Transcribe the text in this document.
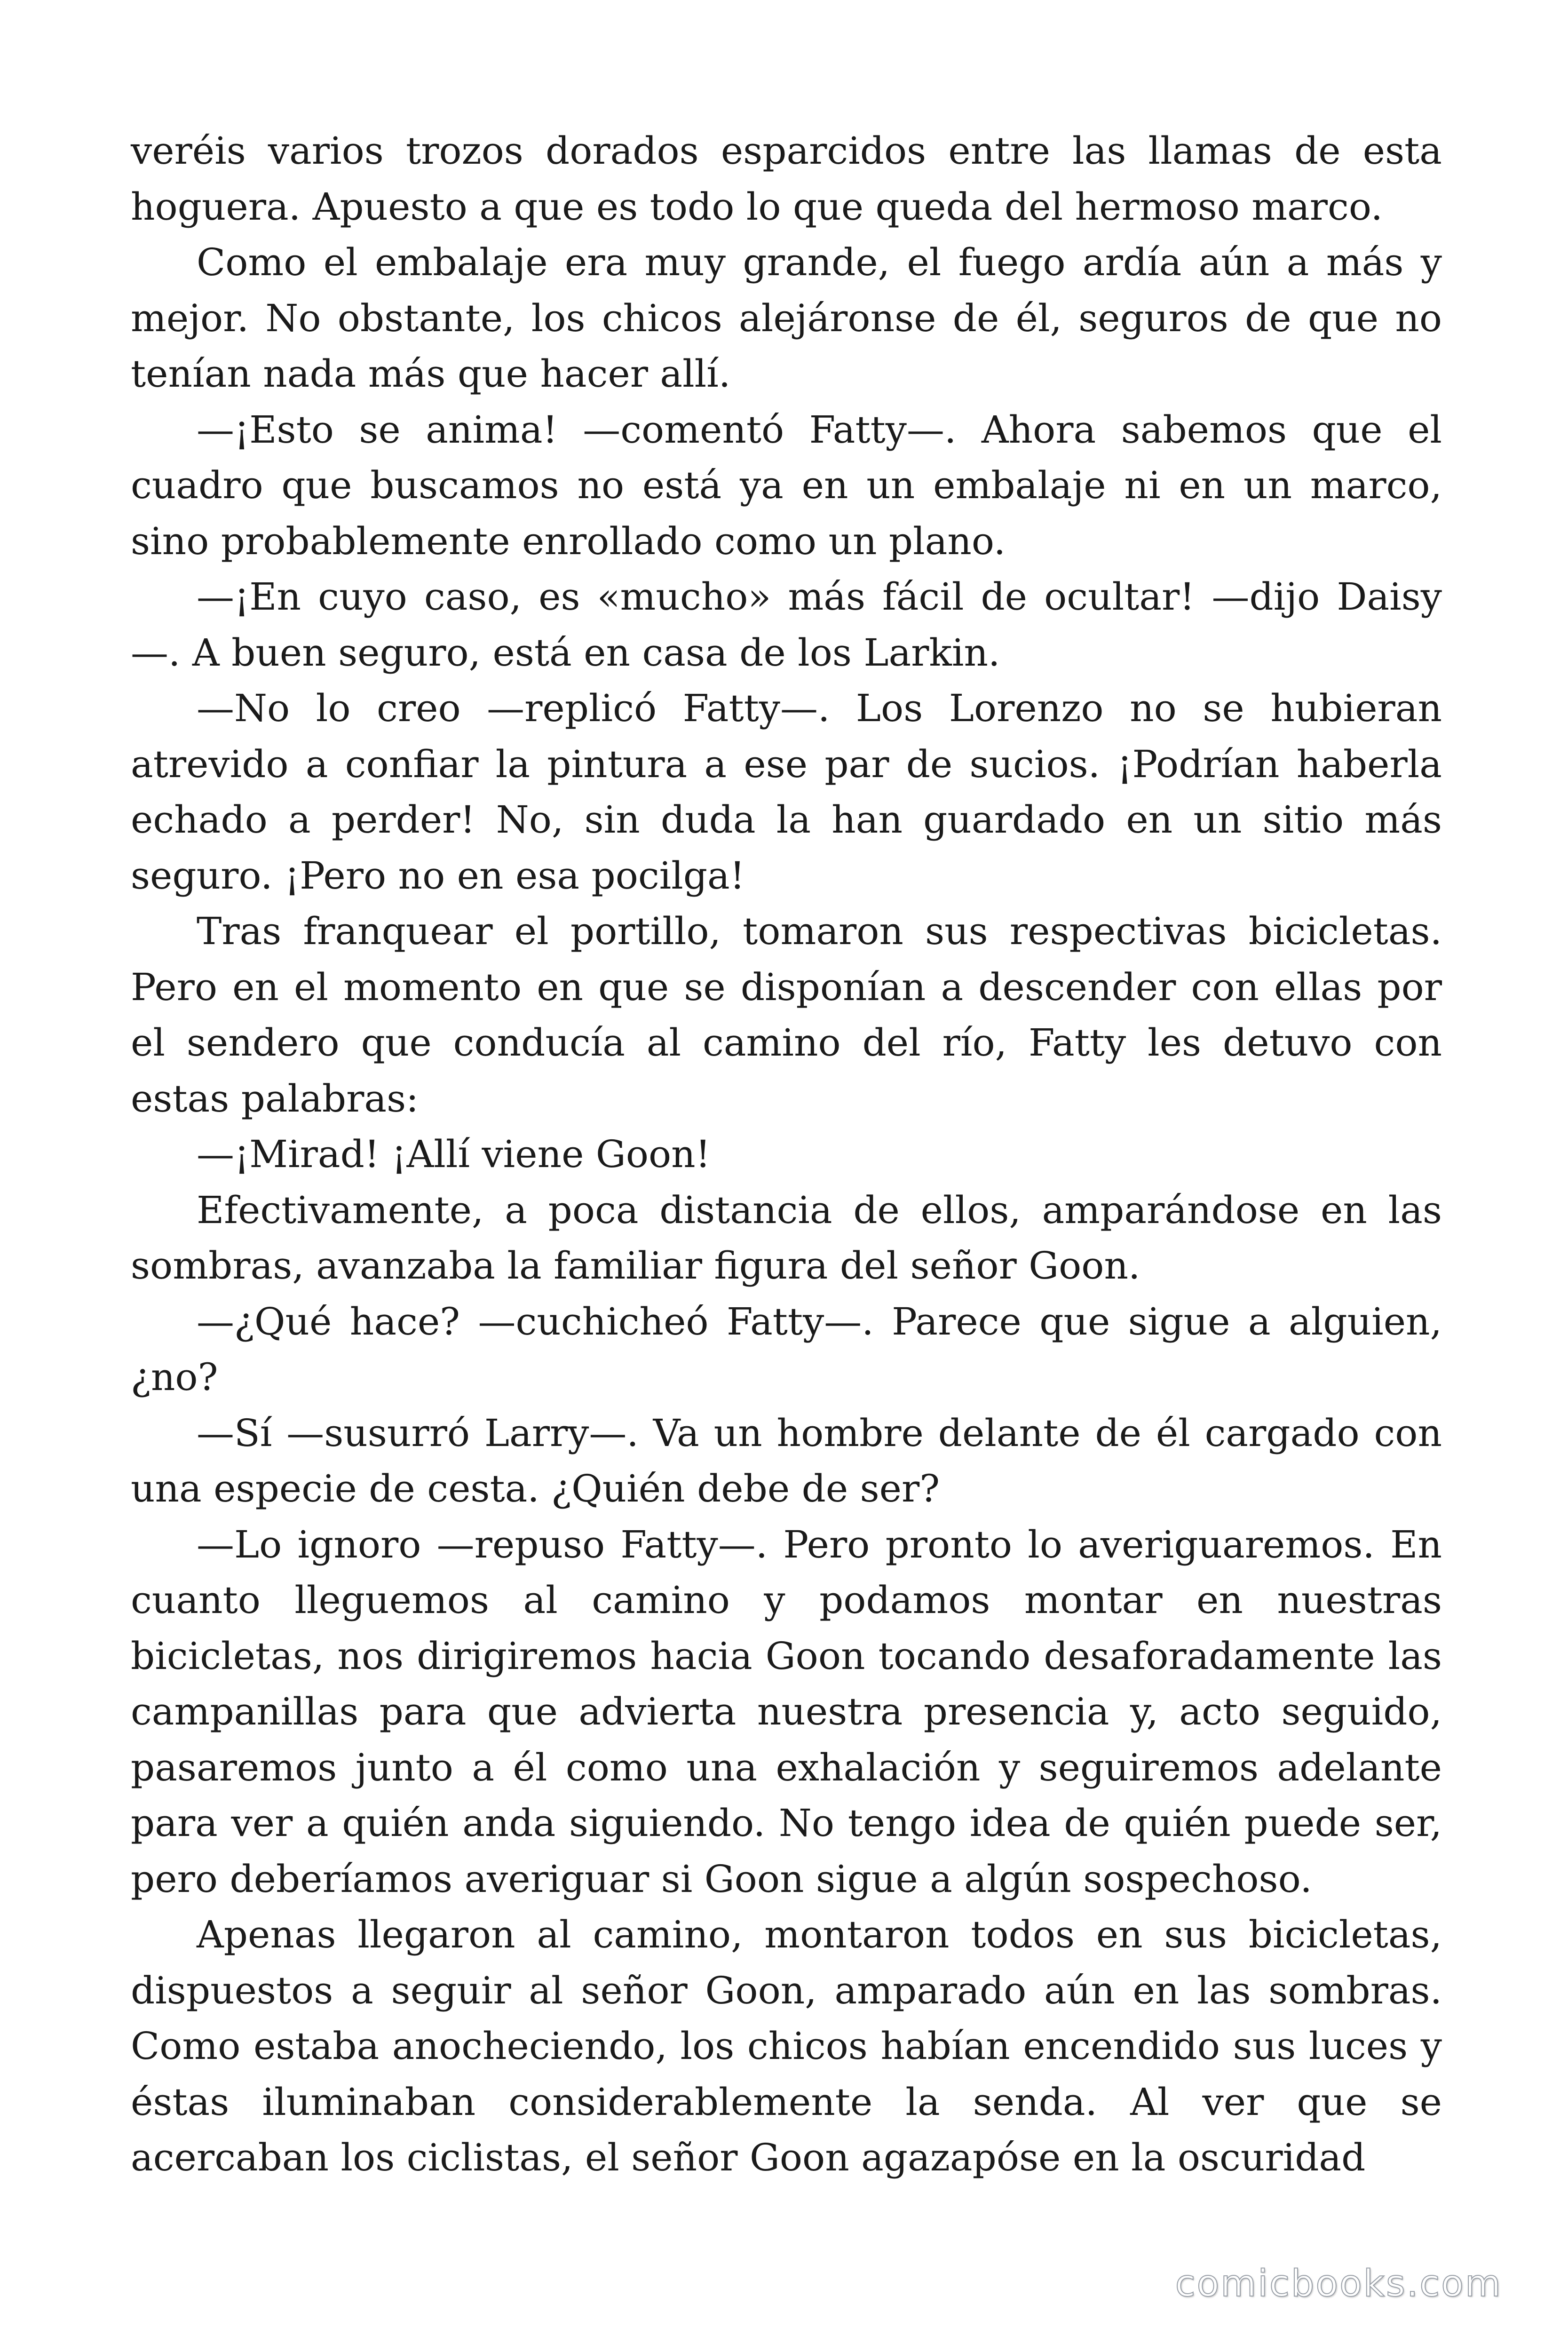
veréis varios trozos dorados esparcidos entre las llamas de esta hoguera. Apuesto a que es todo lo que queda del hermoso marco.

Como el embalaje era muy grande, el fuego ardía aún a más y mejor. No obstante, los chicos alejáronse de él, seguros de que no tenían nada más que hacer allí.

—¡Esto se anima! —comentó Fatty—. Ahora sabemos que el cuadro que buscamos no está ya en un embalaje ni en un marco, sino probablemente enrollado como un plano.

—¡En cuyo caso, es «mucho» más fácil de ocultar! —dijo Daisy —. A buen seguro, está en casa de los Larkin.

—No lo creo —replicó Fatty—. Los Lorenzo no se hubieran atrevido a confiar la pintura a ese par de sucios. ¡Podrían haberla echado a perder! No, sin duda la han guardado en un sitio más seguro. ¡Pero no en esa pocilga!

Tras franquear el portillo, tomaron sus respectivas bicicletas. Pero en el momento en que se disponían a descender con ellas por el sendero que conducía al camino del río, Fatty les detuvo con estas palabras:

—¡Mirad! ¡Allí viene Goon!

Efectivamente, a poca distancia de ellos, amparándose en las sombras, avanzaba la familiar figura del señor Goon.

—¿Qué hace? —cuchicheó Fatty—. Parece que sigue a alguien, ¿no?

—Sí —susurró Larry—. Va un hombre delante de él cargado con una especie de cesta. ¿Quién debe de ser?

—Lo ignoro —repuso Fatty—. Pero pronto lo averiguaremos. En cuanto lleguemos al camino y podamos montar en nuestras bicicletas, nos dirigiremos hacia Goon tocando desaforadamente las campanillas para que advierta nuestra presencia y, acto seguido, pasaremos junto a él como una exhalación y seguiremos adelante para ver a quién anda siguiendo. No tengo idea de quién puede ser, pero deberíamos averiguar si Goon sigue a algún sospechoso.

Apenas llegaron al camino, montaron todos en sus bicicletas, dispuestos a seguir al señor Goon, amparado aún en las sombras. Como estaba anocheciendo, los chicos habían encendido sus luces y éstas iluminaban considerablemente la senda. Al ver que se acercaban los ciclistas, el señor Goon agazapóse en la oscuridad

comicbooks.com
